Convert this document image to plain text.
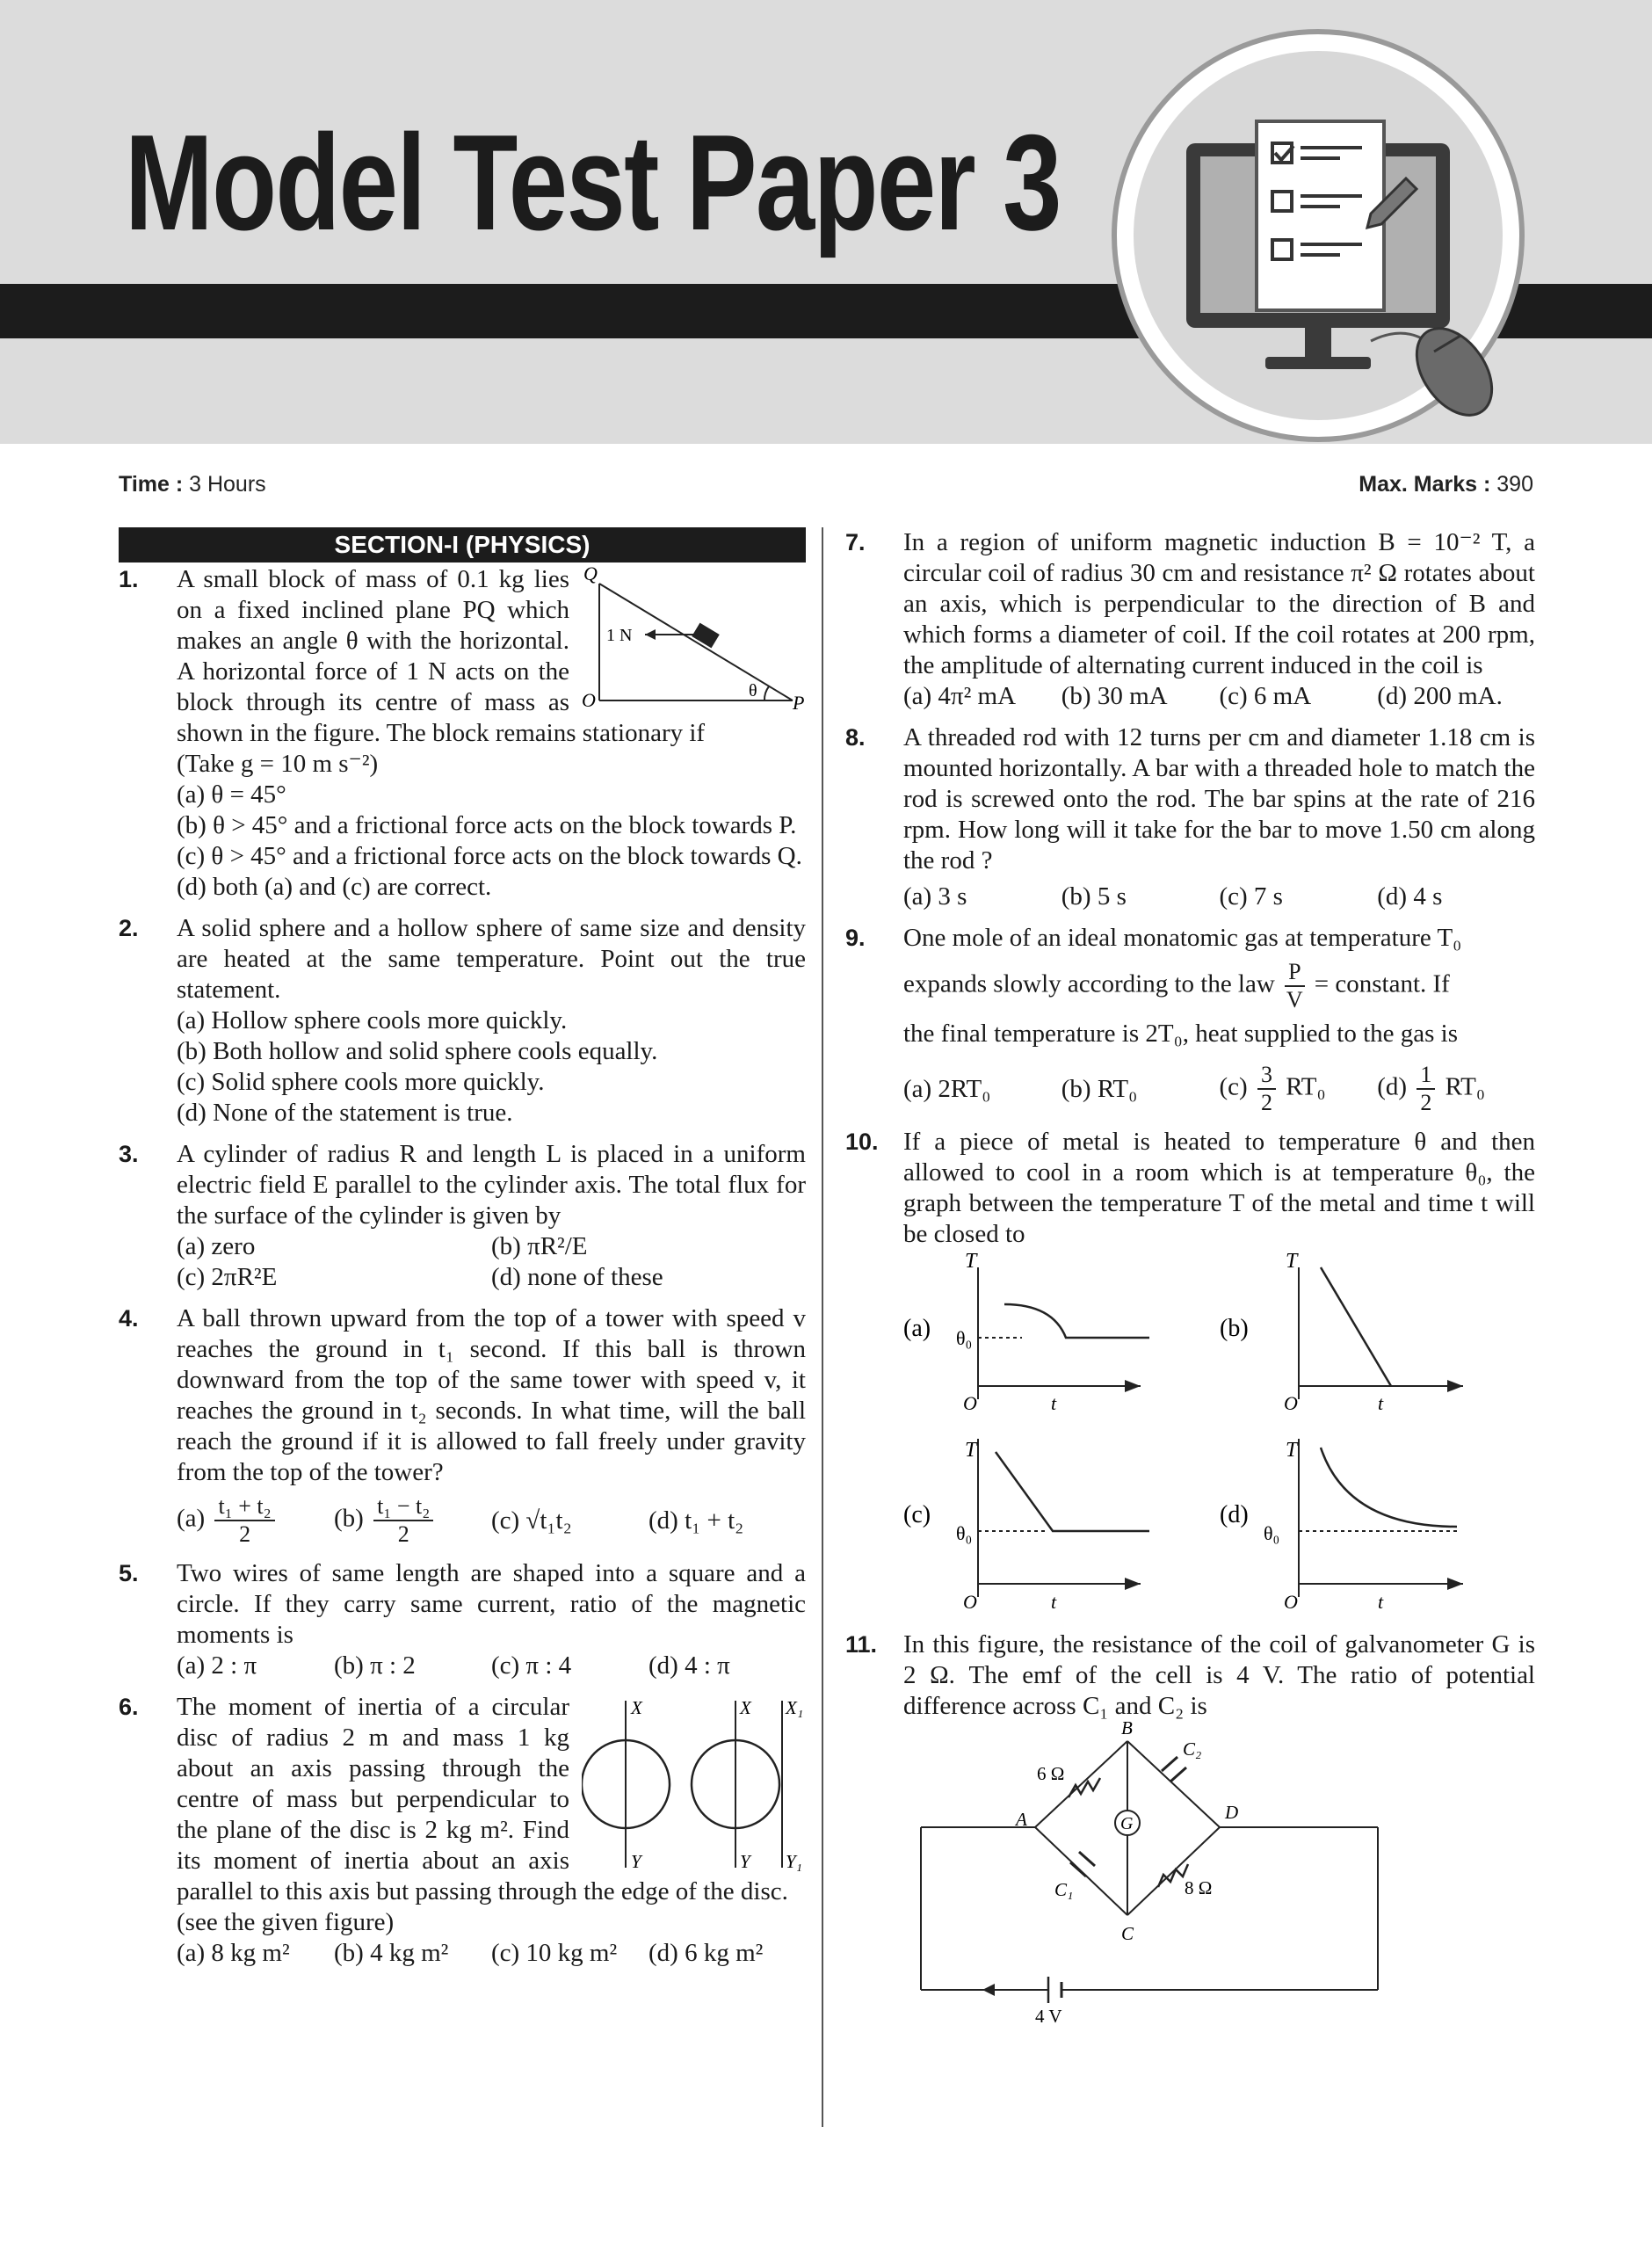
Model Test Paper 3
Time : 3 Hours	Max. Marks : 390
SECTION-I (PHYSICS)
1.	Q
O	P
1 N
θ
A small block of mass of 0.1 kg lies on a fixed inclined plane PQ which makes an angle θ with the horizontal. A horizontal force of 1 N acts on the block through its centre of mass as shown in the figure. The block remains stationary if
(Take g = 10 m s⁻²)
(a) θ = 45°
(b) θ > 45° and a frictional force acts on the block towards P.
(c) θ > 45° and a frictional force acts on the block towards Q.
(d) both (a) and (c) are correct.
2. A solid sphere and a hollow sphere of same size and density are heated at the same temperature. Point out the true statement.
(a) Hollow sphere cools more quickly.
(b) Both hollow and solid sphere cools equally.
(c) Solid sphere cools more quickly.
(d) None of the statement is true.
3. A cylinder of radius R and length L is placed in a uniform electric field E parallel to the cylinder axis. The total flux for the surface of the cylinder is given by
(a) zero	(b) πR²/E
(c) 2πR²E	(d) none of these
4. A ball thrown upward from the top of a tower with speed v reaches the ground in t₁ second. If this ball is thrown downward from the top of the same tower with speed v, it reaches the ground in t₂ seconds. In what time, will the ball reach the ground if it is allowed to fall freely under gravity from the top of the tower?
$(a) \frac{\text{t₁ + t₂}}{2} (b) \frac{\text{t₁ − t₂}}{2} (c)$ √t₁t₂	(d) t₁ + t₂
5. Two wires of same length are shaped into a square and a circle. If they carry same current, ratio of the magnetic moments is
(a) 2 : π	(b) π : 2	(c) π : 4	(d) 4 : π
6.	X
Y
X
Y
X₁
Y₁
The moment of inertia of a circular disc of radius 2 m and mass 1 kg about an axis passing through the centre of mass but perpendicular to the plane of the disc is 2 kg m². Find its moment of inertia about an axis parallel to this axis but passing through the edge of the disc.
(see the given figure)
(a) 8 kg m²	(b) 4 kg m²	(c) 10 kg m²	(d) 6 kg m²
7. In a region of uniform magnetic induction B = 10⁻² T, a circular coil of radius 30 cm and resistance π² Ω rotates about an axis, which is perpendicular to the direction of B and which forms a diameter of coil. If the coil rotates at 200 rpm, the amplitude of alternating current induced in the coil is
(a) 4π² mA	(b) 30 mA	(c) 6 mA	(d) 200 mA.
8. A threaded rod with 12 turns per cm and diameter 1.18 cm is mounted horizontally. A bar with a threaded hole to match the rod is screwed onto the rod. The bar spins at the rate of 216 rpm. How long will it take for the bar to move 1.50 cm along the rod ?
(a) 3 s	(b) 5 s	(c) 7 s	(d) 4 s
9. One mole of an ideal monatomic gas at temperature T₀
expands slowly according to the law $\frac{P}{V}$ = constant. If
the final temperature is 2T₀, heat supplied to the gas is
(a) 2RT₀	(b) RT₀	$(c) \frac{3}{2} RT_0$	$(d) \frac{1}{2} RT_0$
10. If a piece of metal is heated to temperature θ and then allowed to cool in a room which is at temperature θ₀, the graph between the temperature T of the metal and time t will be closed to
(a)
T
θ₀
O	t
(b)
T
O	t
(c)
T
θ₀
O	t
(d)
T
θ₀
O	t
11. In this figure, the resistance of the coil of galvanometer G is 2 Ω. The emf of the cell is 4 V. The ratio of potential difference across C₁ and C₂ is
B
A	D
C
G
6 Ω
C₂
C₁	8 Ω
4 V
